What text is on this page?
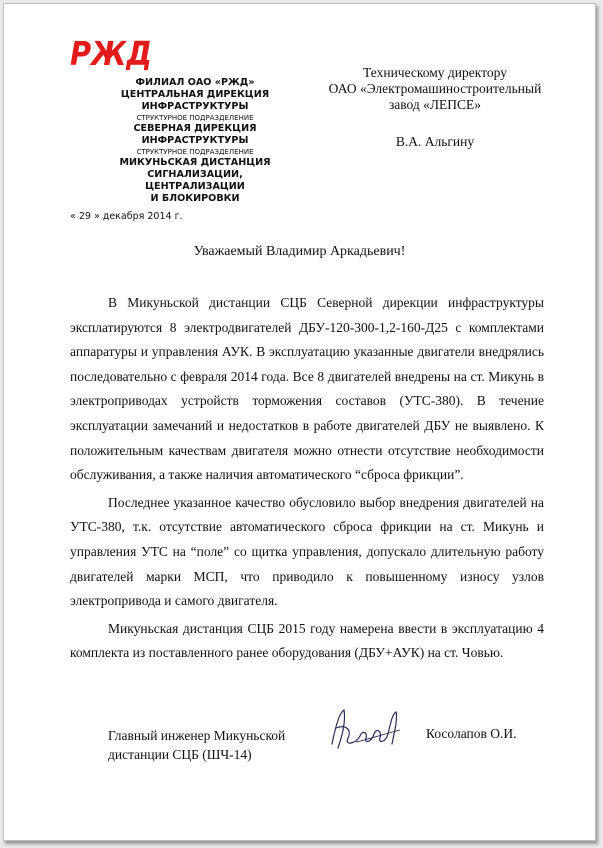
РЖД
ФИЛИАЛ ОАО «РЖД»
ЦЕНТРАЛЬНАЯ ДИРЕКЦИЯ
ИНФРАСТРУКТУРЫ
СТРУКТУРНОЕ ПОДРАЗДЕЛЕНИЕ
СЕВЕРНАЯ ДИРЕКЦИЯ
ИНФРАСТРУКТУРЫ
СТРУКТУРНОЕ ПОДРАЗДЕЛЕНИЕ
МИКУНЬСКАЯ ДИСТАНЦИЯ
СИГНАЛИЗАЦИИ, ЦЕНТРАЛИЗАЦИИ
И БЛОКИРОВКИ
Техническому директору
ОАО «Электромашиностроительный
завод «ЛЕПСЕ»
В.А. Альгину
« 29 » декабря 2014 г.
Уважаемый Владимир Аркадьевич!

В Микуньской дистанции СЦБ Северной дирекции инфраструктуры эксплатируются 8 электродвигателей ДБУ-120-300-1,2-160-Д25 с комплектами аппаратуры и управления АУК. В эксплуатацию указанные двигатели внедрялись последовательно с февраля 2014 года. Все 8 двигателей внедрены на ст. Микунь в электроприводах устройств торможения составов (УТС-380). В течение эксплуатации замечаний и недостатков в работе двигателей ДБУ не выявлено. К положительным качествам двигателя можно отнести отсутствие необходимости обслуживания, а также наличия автоматического “сброса фрикции”.

Последнее указанное качество обусловило выбор внедрения двигателей на УТС-380, т.к. отсутствие автоматического сброса фрикции на ст. Микунь и управления УТС на “поле” со щитка управления, допускало длительную работу двигателей марки МСП, что приводило к повышенному износу узлов электропривода и самого двигателя.

Микуньская дистанция СЦБ 2015 году намерена ввести в эксплуатацию 4 комплекта из поставленного ранее оборудования (ДБУ+АУК) на ст. Човью.

Главный инженер Микуньской
дистанции СЦБ (ШЧ-14)
Косолапов О.И.
